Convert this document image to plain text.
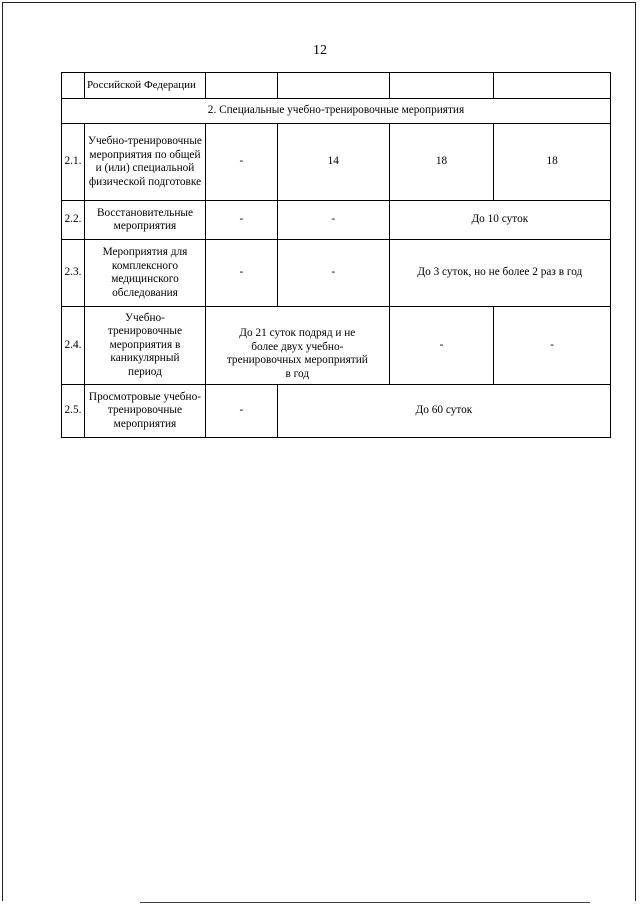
12
	Российской Федерации				
2. Специальные учебно-тренировочные мероприятия					
2.1.	Учебно-тренировочные мероприятия по общей и (или) специальной физической подготовке	-	14	18	18
2.2.	Восстановительные мероприятия	-	-	До 10 суток	
2.3.	Мероприятия для комплексного медицинского обследования	-	-	До 3 суток, но не более 2 раз в год	
2.4.	Учебно-тренировочные мероприятия в каникулярный период	До 21 суток подряд и не более двух учебно-тренировочных мероприятий в год		-	-
2.5.	Просмотровые учебно-тренировочные мероприятия	-	До 60 суток		
